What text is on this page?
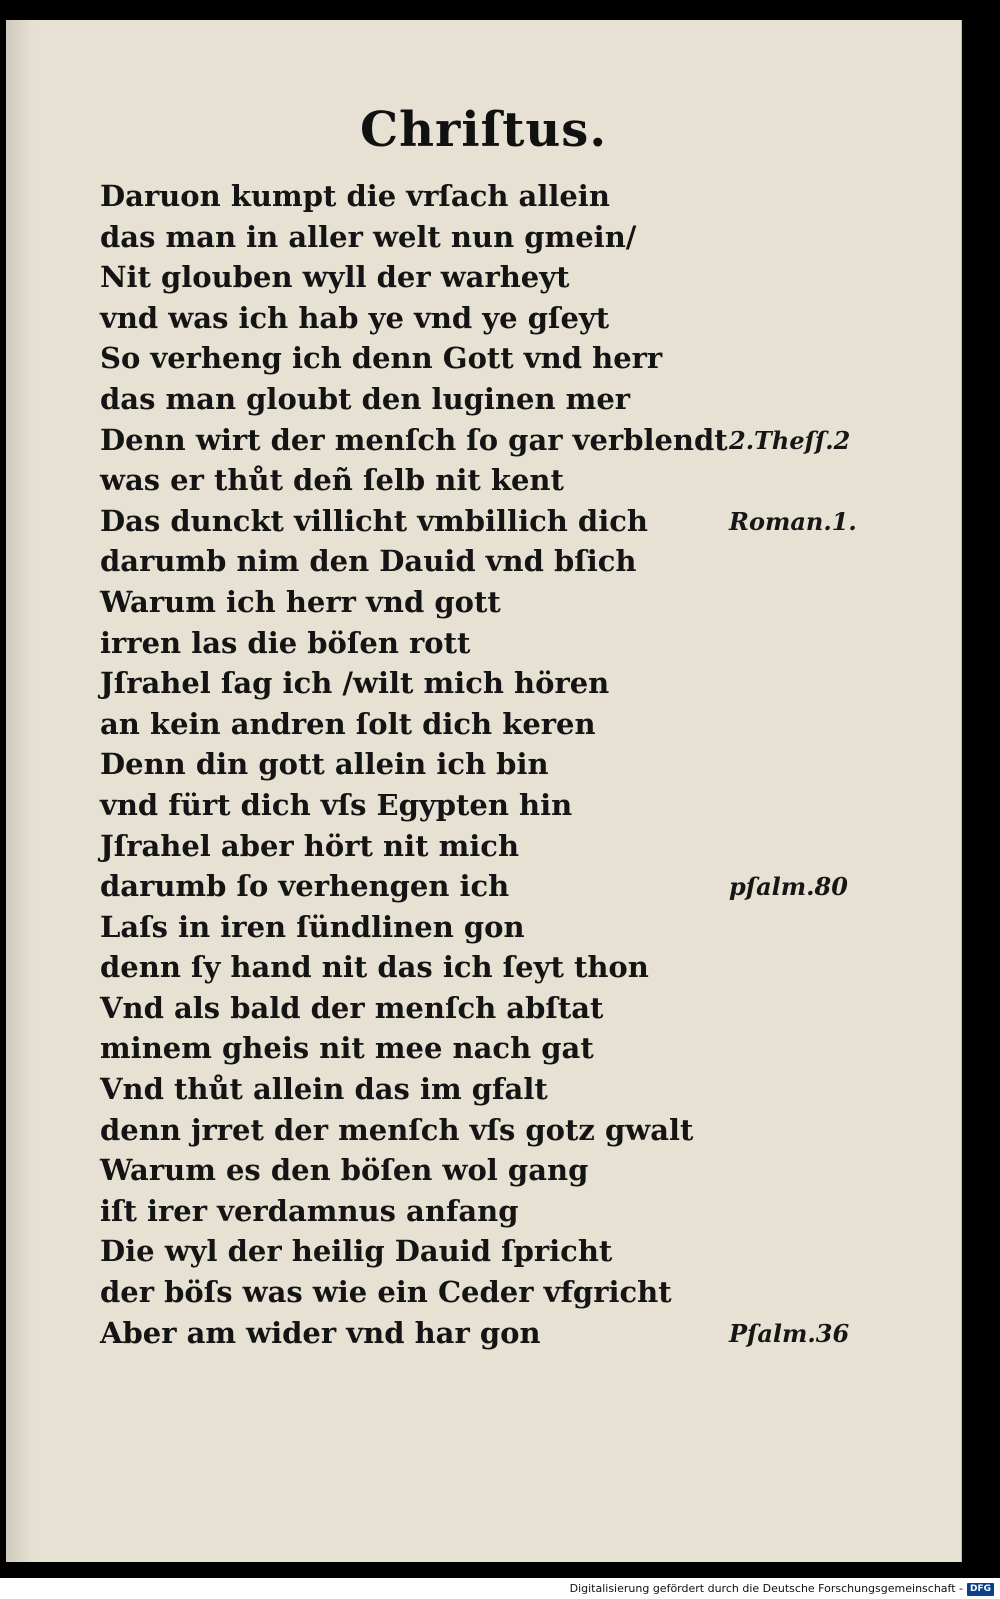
Chriſtus.
Daruon kumpt die vrſach allein
das man in aller welt nun gmein/
Nit glouben wyll der warheyt
vnd was ich hab ye vnd ye gſeyt
So verheng ich denn Gott vnd herr
das man gloubt den luginen mer
Denn wirt der menſch ſo gar verblendt
was er thůt deñ ſelb nit kent
Das dunckt villicht vmbillich dich
darumb nim den Dauid vnd bſich
Warum ich herr vnd gott
irren las die böſen rott
Jſrahel ſag ich /wilt mich hören
an kein andren ſolt dich keren
Denn din gott allein ich bin
vnd fürt dich vſs Egypten hin
Jſrahel aber hört nit mich
darumb ſo verhengen ich
Laſs in iren ſündlinen gon
denn ſy hand nit das ich ſeyt thon
Vnd als bald der menſch abſtat
minem gheis nit mee nach gat
Vnd thůt allein das im gfalt
denn jrret der menſch vſs gotz gwalt
Warum es den böſen wol gang
iſt irer verdamnus anfang
Die wyl der heilig Dauid ſpricht
der böſs was wie ein Ceder vfgricht
Aber am wider vnd har gon
2.Theſſ.2
Roman.1.
pſalm.80
Pſalm.36
Digitalisierung gefördert durch die Deutsche Forschungsgemeinschaft - DFG
